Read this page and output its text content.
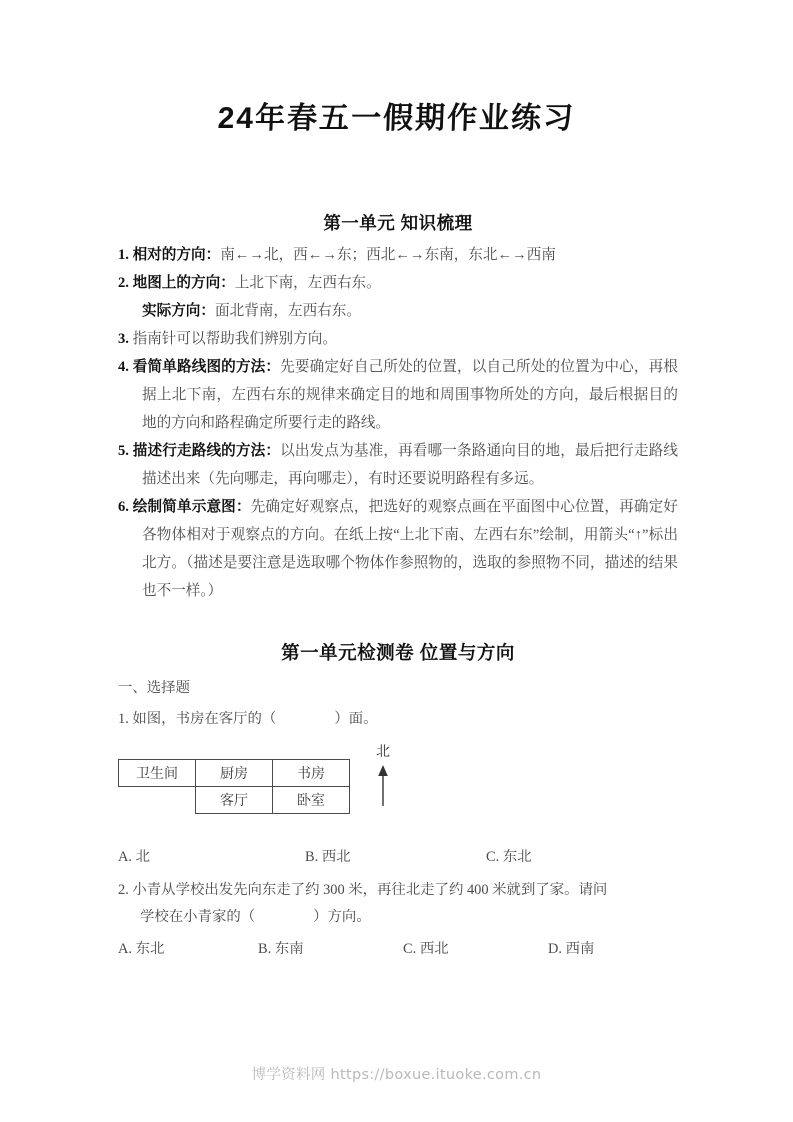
24年春五一假期作业练习
第一单元 知识梳理

1. 相对的方向：南←→北，西←→东；西北←→东南，东北←→西南

2. 地图上的方向：上北下南，左西右东。

实际方向：面北背南，左西右东。

3. 指南针可以帮助我们辨别方向。

4. 看简单路线图的方法：先要确定好自己所处的位置，以自己所处的位置为中心，再根据上北下南，左西右东的规律来确定目的地和周围事物所处的方向，最后根据目的地的方向和路程确定所要行走的路线。

5. 描述行走路线的方法：以出发点为基准，再看哪一条路通向目的地，最后把行走路线描述出来（先向哪走，再向哪走），有时还要说明路程有多远。

6. 绘制简单示意图：先确定好观察点，把选好的观察点画在平面图中心位置，再确定好各物体相对于观察点的方向。在纸上按“上北下南、左西右东”绘制，用箭头“↑”标出北方。（描述是要注意是选取哪个物体作参照物的，选取的参照物不同，描述的结果也不一样。）

第一单元检测卷 位置与方向

一、选择题

1. 如图，书房在客厅的（	）面。

卫生间	厨房	书房
	客厅	卧室
北
A. 北	B. 西北	C. 东北

2. 小青从学校出发先向东走了约 300 米，再往北走了约 400 米就到了家。请问

学校在小青家的（	）方向。

A. 东北	B. 东南	C. 西北	D. 西南
博学资料网 https://boxue.ituoke.com.cn
